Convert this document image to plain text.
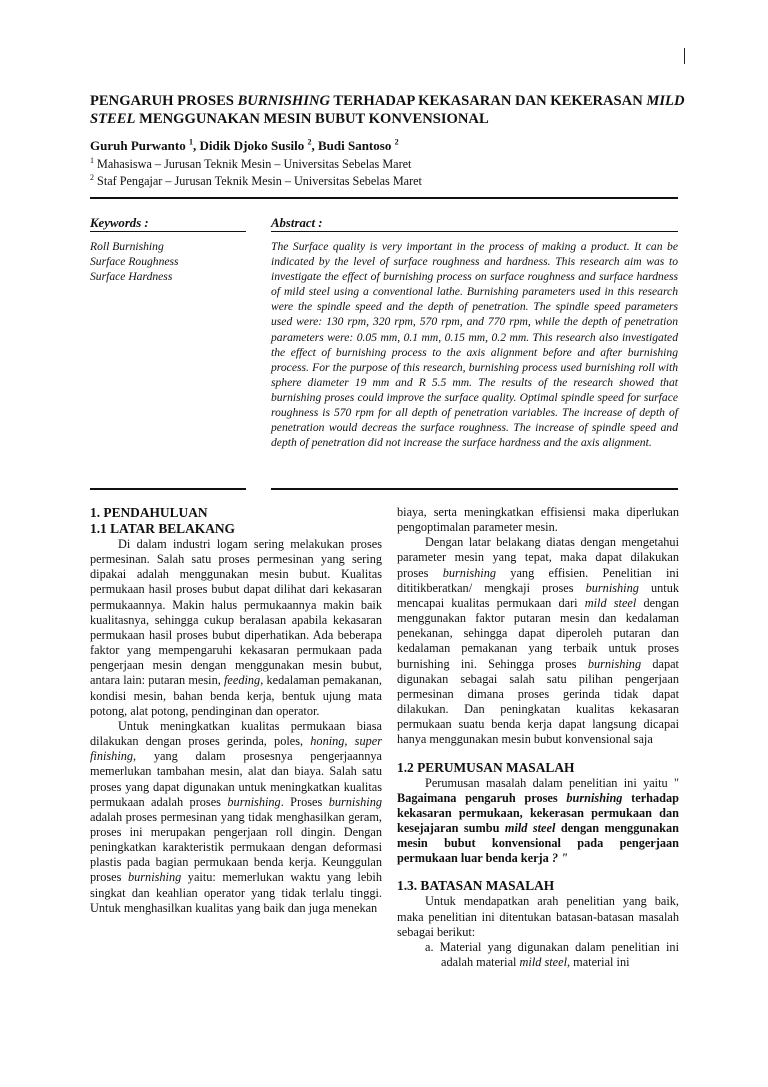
PENGARUH PROSES BURNISHING TERHADAP KEKASARAN DAN KEKERASAN MILD STEEL MENGGUNAKAN MESIN BUBUT KONVENSIONAL

Guruh Purwanto $^1$, Didik Djoko Susilo $^2$, Budi Santoso $^2$

$^1$ Mahasiswa – Jurusan Teknik Mesin – Universitas Sebelas Maret

$^2$ Staf Pengajar – Jurusan Teknik Mesin – Universitas Sebelas Maret

Keywords :	Abstract :

Roll Burnishing
Surface Roughness
Surface Hardness

The Surface quality is very important in the process of making a product. It can be indicated by the level of surface roughness and hardness. This research aim was to investigate the effect of burnishing process on surface roughness and surface hardness of mild steel using a conventional lathe. Burnishing parameters used in this research were the spindle speed and the depth of penetration. The spindle speed parameters used were: 130 rpm, 320 rpm, 570 rpm, and 770 rpm, while the depth of penetration parameters were: 0.05 mm, 0.1 mm, 0.15 mm, 0.2 mm. This research also investigated the effect of burnishing process to the axis alignment before and after burnishing process. For the purpose of this research, burnishing process used burnishing roll with sphere diameter 19 mm and R 5.5 mm. The results of the research showed that burnishing proses could improve the surface quality. Optimal spindle speed for surface roughness is 570 rpm for all depth of penetration variables. The increase of depth of penetration would decreas the surface roughness. The increase of spindle speed and depth of penetration did not increase the surface hardness and the axis alignment.

1. PENDAHULUAN
1.1 LATAR BELAKANG

Di dalam industri logam sering melakukan proses permesinan. Salah satu proses permesinan yang sering dipakai adalah menggunakan mesin bubut. Kualitas permukaan hasil proses bubut dapat dilihat dari kekasaran permukaannya. Makin halus permukaannya makin baik kualitasnya, sehingga cukup beralasan apabila kekasaran permukaan hasil proses bubut diperhatikan. Ada beberapa faktor yang mempengaruhi kekasaran permukaan pada pengerjaan mesin dengan menggunakan mesin bubut, antara lain: putaran mesin, feeding, kedalaman pemakanan, kondisi mesin, bahan benda kerja, bentuk ujung mata potong, alat potong, pendinginan dan operator.

Untuk meningkatkan kualitas permukaan biasa dilakukan dengan proses gerinda, poles, honing, super finishing, yang dalam prosesnya pengerjaannya memerlukan tambahan mesin, alat dan biaya. Salah satu proses yang dapat digunakan untuk meningkatkan kualitas permukaan adalah proses burnishing. Proses burnishing adalah proses permesinan yang tidak menghasilkan geram, proses ini merupakan pengerjaan roll dingin. Dengan peningkatkan karakteristik permukaan dengan deformasi plastis pada bagian permukaan benda kerja. Keunggulan proses burnishing yaitu: memerlukan waktu yang lebih singkat dan keahlian operator yang tidak terlalu tinggi. Untuk menghasilkan kualitas yang baik dan juga menekan

biaya, serta meningkatkan effisiensi maka diperlukan pengoptimalan parameter mesin.

Dengan latar belakang diatas dengan mengetahui parameter mesin yang tepat, maka dapat dilakukan proses burnishing yang effisien. Penelitian ini dititikberatkan/ mengkaji proses burnishing untuk mencapai kualitas permukaan dari mild steel dengan menggunakan faktor putaran mesin dan kedalaman penekanan, sehingga dapat diperoleh putaran dan kedalaman pemakanan yang terbaik untuk proses burnishing ini. Sehingga proses burnishing dapat digunakan sebagai salah satu pilihan pengerjaan permesinan dimana proses gerinda tidak dapat dilakukan. Dan peningkatan kualitas kekasaran permukaan suatu benda kerja dapat langsung dicapai hanya menggunakan mesin bubut konvensional saja

1.2 PERUMUSAN MASALAH

Perumusan masalah dalam penelitian ini yaitu " Bagaimana pengaruh proses burnishing terhadap kekasaran permukaan, kekerasan permukaan dan kesejajaran sumbu mild steel dengan menggunakan mesin bubut konvensional pada pengerjaan permukaan luar benda kerja ? "

1.3. BATASAN MASALAH

Untuk mendapatkan arah penelitian yang baik, maka penelitian ini ditentukan batasan-batasan masalah sebagai berikut:

a. Material yang digunakan dalam penelitian ini adalah material mild steel, material ini
